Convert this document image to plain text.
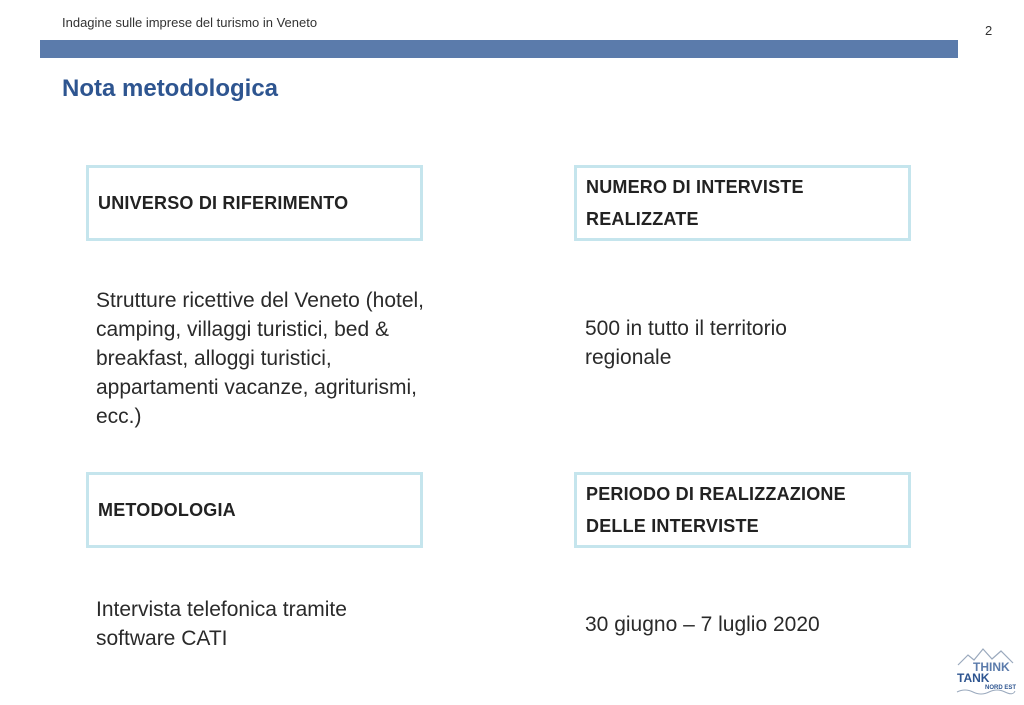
Indagine sulle imprese del turismo in Veneto
2
Nota metodologica
UNIVERSO DI RIFERIMENTO
Strutture ricettive del Veneto (hotel, camping, villaggi turistici, bed & breakfast, alloggi turistici, appartamenti vacanze, agriturismi, ecc.)
NUMERO DI INTERVISTE REALIZZATE
500 in tutto il territorio regionale
METODOLOGIA
Intervista telefonica tramite software CATI
PERIODO DI REALIZZAZIONE DELLE INTERVISTE
30 giugno – 7 luglio 2020
THINK
TANK
NORD EST
